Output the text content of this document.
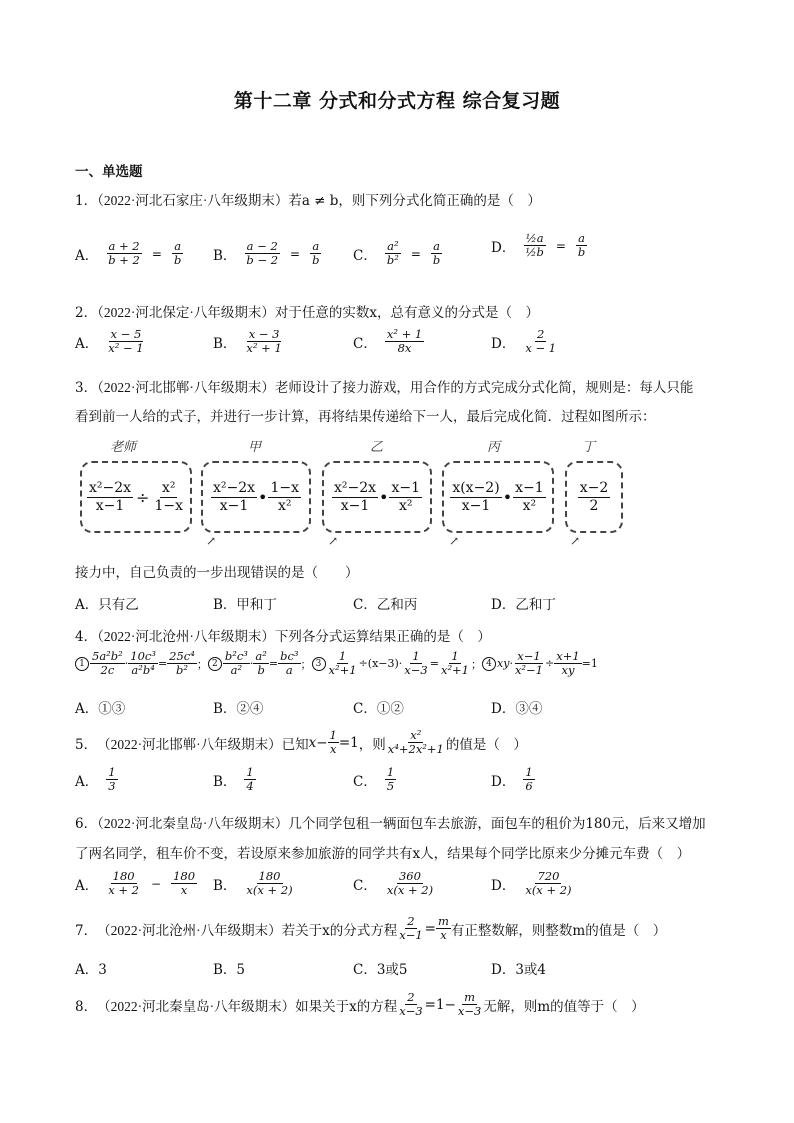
第十二章 分式和分式方程 综合复习题
一、单选题
1．（2022·河北石家庄·八年级期末）若a ≠ b，则下列分式化简正确的是（　）
A． $\frac{a + 2}{b + 2} = \frac{a}{b}$ B． $\frac{a - 2}{b - 2} = \frac{a}{b}$ C． $\frac{\text{a²}}{\text{b²}} = \frac{a}{b}$	D． $\frac{\text{½a}}{\text{½b}} = \frac{a}{b}$
2．（2022·河北保定·八年级期末）对于任意的实数x，总有意义的分式是（　）
A． $\frac{x - 5}{\text{x² − 1}}$	B． $\frac{x - 3}{\text{x² + 1}}$	C． $\frac{\text{x² + 1}}{8x}$	D． $\frac{2}{x - 1}$
3．（2022·河北邯郸·八年级期末）老师设计了接力游戏，用合作的方式完成分式化简，规则是：每人只能
看到前一人给的式子，并进行一步计算，再将结果传递给下一人，最后完成化简．过程如图所示：
老师	甲	乙	丙	丁
$\frac{\text{x²−2x}}{x-1} \div \frac{\text{x²}}{1-x} \frac{\text{x²−2x}}{x-1}$ • $\frac{1-x}{\text{x²}} \frac{\text{x²−2x}}{x-1}$ • $\frac{x-1}{\text{x²}} \frac{x(x-2)}{x-1}$ • $\frac{x-1}{\text{x²}} \frac{x-2}{2}$
↗	↗	↗	↗
接力中，自己负责的一步出现错误的是（　　）
A．只有乙	B．甲和丁	C．乙和丙	D．乙和丁
4．（2022·河北沧州·八年级期末）下列各分式运算结果正确的是（　）
$1 \frac{\text{5a²b²}}{2c} \cdot \frac{\text{10c³}}{\text{a²b⁴}} = \frac{\text{25c⁴}}{\text{b²}}$ ； $2 \frac{\text{b²c³}}{\text{a²}} \cdot \frac{\text{a²}}{b} = \frac{\text{bc³}}{a}$ ； $3 \frac{1}{\text{x²+1}} \div(x-3)\cdot \frac{1}{x-3} = \frac{1}{\text{x²+1}}$ ； 4 xy · $\frac{x-1}{\text{x²−1}} \div \frac{x+1}{xy} =1$
A．①③	B．②④	C．①②	D．③④
5． （2022·河北邯郸·八年级期末） 已知 $x - \frac{1}{x} =1$ ，则 $\frac{\text{x²}}{\text{x⁴+2x²+1}}$ 的值是（　）
A． $\frac{1}{3}$	B． $\frac{1}{4}$	C． $\frac{1}{5}$	D． $\frac{1}{6}$
6．（2022·河北秦皇岛·八年级期末）几个同学包租一辆面包车去旅游，面包车的租价为180元，后来又增加
了两名同学，租车价不变，若设原来参加旅游的同学共有x人，结果每个同学比原来少分摊元车费（　）
A． $\frac{180}{x + 2} - \frac{180}{x}$ B． $\frac{180}{x(x + 2)}$	C． $\frac{360}{x(x + 2)}$	D． $\frac{720}{x(x + 2)}$
7． （2022·河北沧州·八年级期末） 若关于x的分式方程 $\frac{2}{x-1} = \frac{m}{x}$ 有正整数解，则整数m的值是（　）
A．3	B．5	C．3或5	D．3或4
8． （2022·河北秦皇岛·八年级期末） 如果关于x的方程 $\frac{2}{x-3} =1- \frac{m}{x-3}$ 无解，则m的值等于（　）
